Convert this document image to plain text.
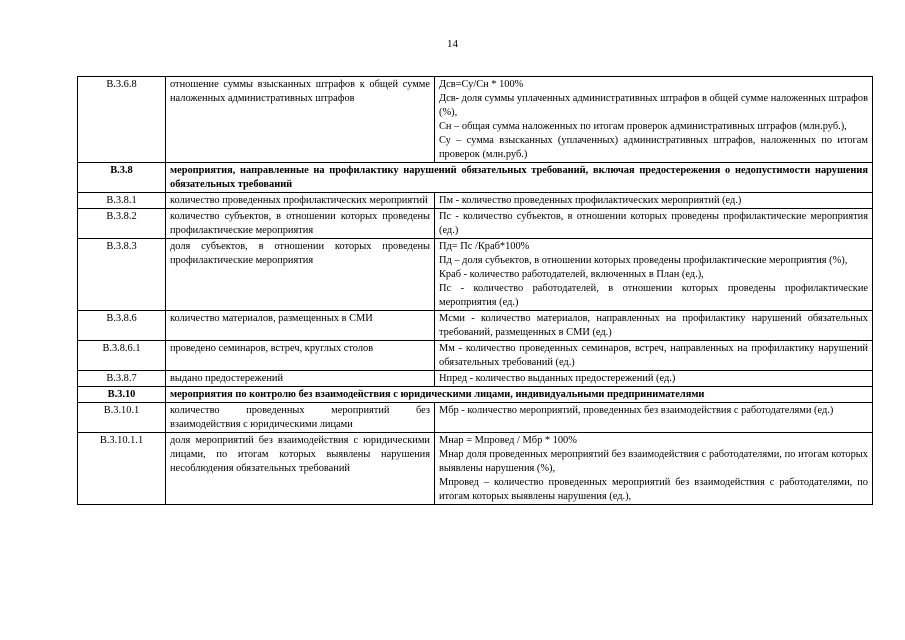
14
В.3.6.8	отношение суммы взысканных штрафов к общей сумме наложенных административных штрафов	Дсв=Су/Сн * 100%
Дсв- доля суммы уплаченных административных штрафов в общей сумме наложенных штрафов (%),
Сн – общая сумма наложенных по итогам проверок административных штрафов (млн.руб.),
Су – сумма взысканных (уплаченных) административных штрафов, наложенных по итогам проверок (млн.руб.)

В.3.8	мероприятия, направленные на профилактику нарушений обязательных требований, включая предостережения о недопустимости нарушения обязательных требований	
В.3.8.1	количество проведенных профилактических мероприятий	Пм - количество проведенных профилактических мероприятий (ед.)

В.3.8.2	количество субъектов, в отношении которых проведены профилактические мероприятия	Пс - количество субъектов, в отношении которых проведены профилактические мероприятия (ед.)

В.3.8.3	доля субъектов, в отношении которых проведены профилактические мероприятия	Пд= Пс /Краб*100%
Пд – доля субъектов, в отношении которых проведены профилактические мероприятия (%),
Краб - количество работодателей, включенных в План (ед.),
Пс - количество работодателей, в отношении которых проведены профилактические мероприятия (ед.)

В.3.8.6	количество материалов, размещенных в СМИ	Мсми - количество материалов, направленных на профилактику нарушений обязательных требований, размещенных в СМИ (ед.)

В.3.8.6.1	проведено семинаров, встреч, круглых столов	Мм - количество проведенных семинаров, встреч, направленных на профилактику нарушений обязательных требований (ед.)

В.3.8.7	выдано предостережений	Нпред - количество выданных предостережений (ед.)

В.3.10	мероприятия по контролю без взаимодействия с юридическими лицами, индивидуальными предпринимателями	
В.3.10.1	количество проведенных мероприятий без взаимодействия с юридическими лицами	Мбр - количество мероприятий, проведенных без взаимодействия с работодателями (ед.)

В.3.10.1.1	доля мероприятий без взаимодействия с юридическими лицами, по итогам которых выявлены нарушения несоблюдения обязательных требований	Мнар = Мпровед / Мбр * 100%
Мнар доля проведенных мероприятий без взаимодействия с работодателями, по итогам которых выявлены нарушения (%),
Мпровед – количество проведенных мероприятий без взаимодействия с работодателями, по итогам которых выявлены нарушения (ед.),
